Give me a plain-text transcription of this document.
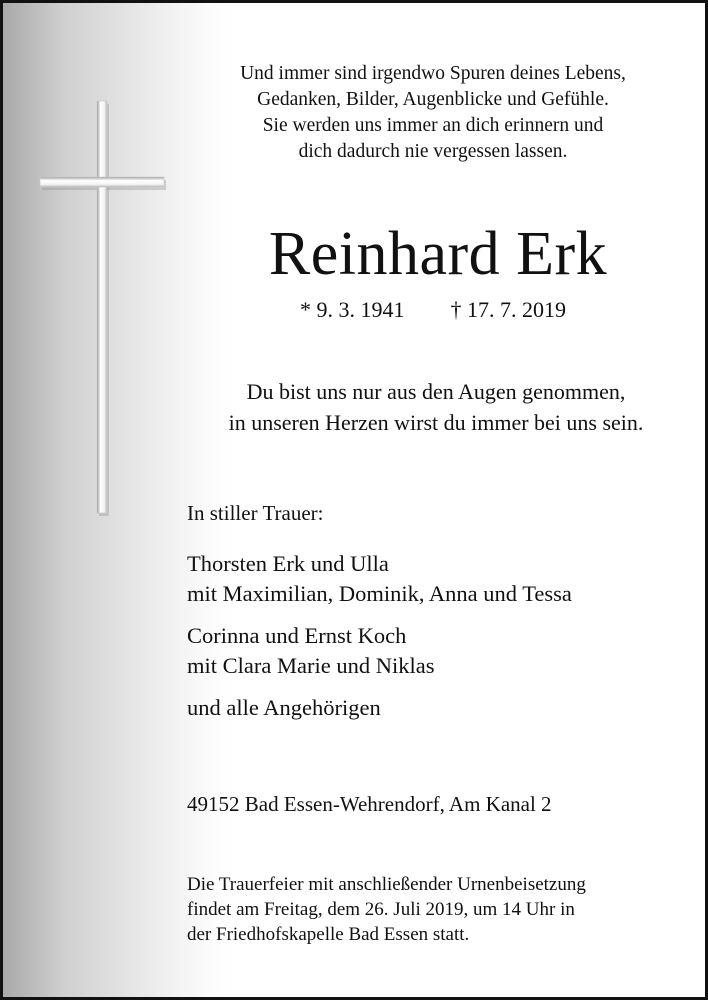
Und immer sind irgendwo Spuren deines Lebens,
Gedanken, Bilder, Augenblicke und Gefühle.
Sie werden uns immer an dich erinnern und
dich dadurch nie vergessen lassen.
Reinhard Erk
* 9. 3. 1941 † 17. 7. 2019
Du bist uns nur aus den Augen genommen,
in unseren Herzen wirst du immer bei uns sein.
In stiller Trauer:
Thorsten Erk und Ulla
mit Maximilian, Dominik, Anna und Tessa
Corinna und Ernst Koch
mit Clara Marie und Niklas
und alle Angehörigen
49152 Bad Essen-Wehrendorf, Am Kanal 2
Die Trauerfeier mit anschließender Urnenbeisetzung
findet am Freitag, dem 26. Juli 2019, um 14 Uhr in
der Friedhofskapelle Bad Essen statt.
